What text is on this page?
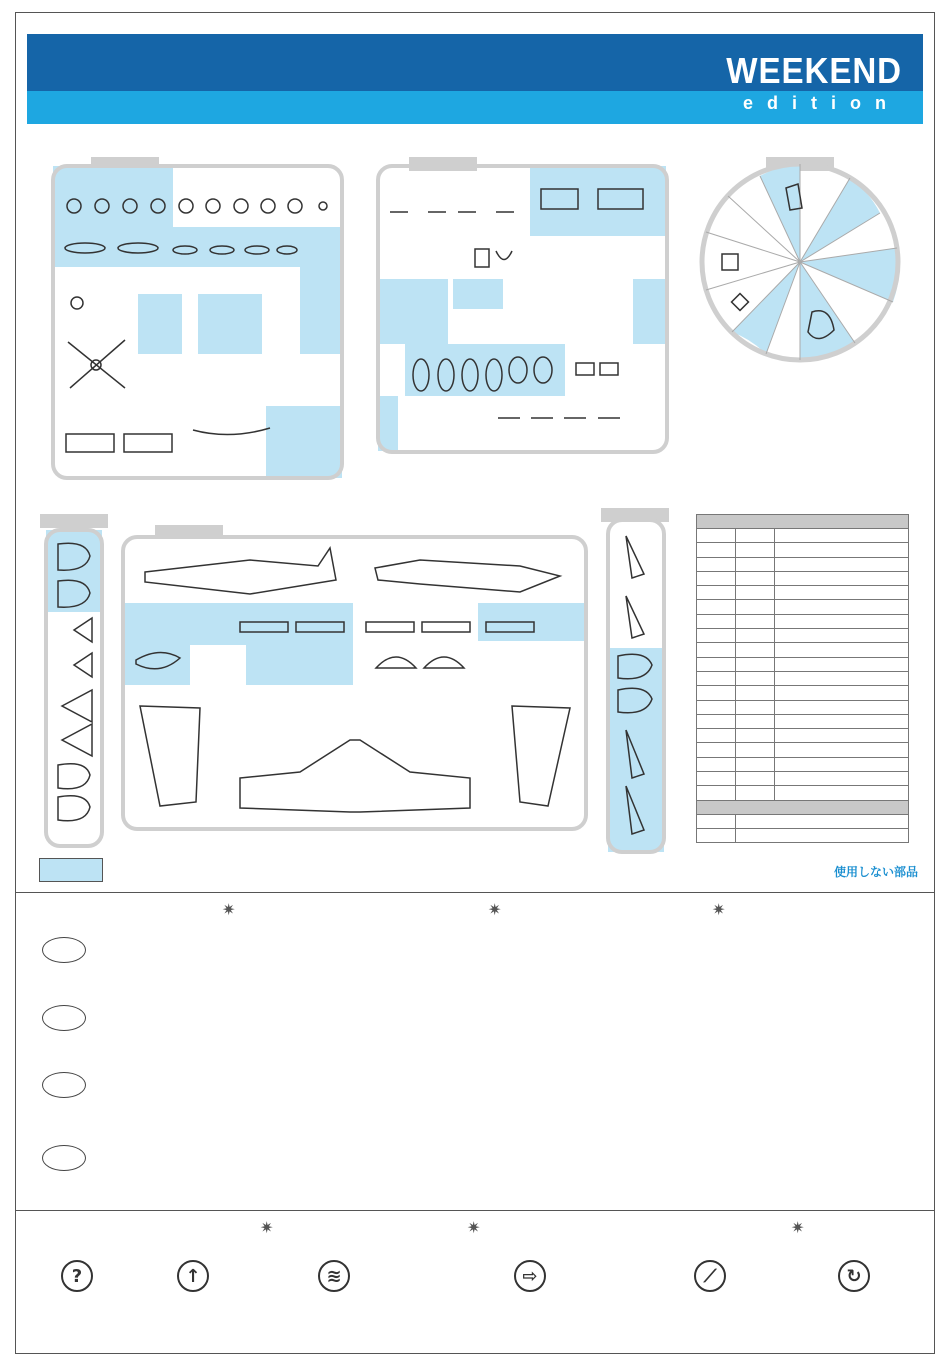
WEEKEND
edition

使用しない部品
✷	✷	✷
✷	✷	✷
?	↑	≋	⇨	⟋	↻
